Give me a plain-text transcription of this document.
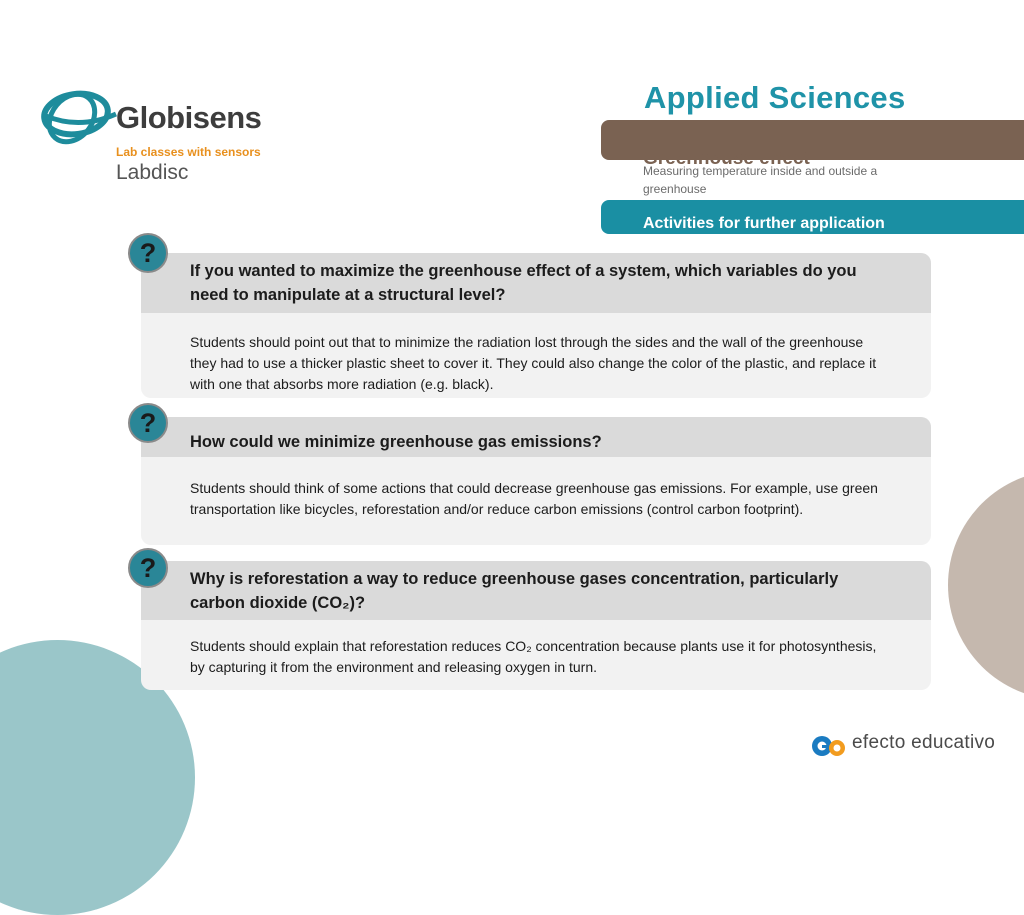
Globisens
Lab classes with sensors
Labdisc
Applied Sciences
Greenhouse effect
Measuring temperature inside and outside a greenhouse
Activities for further application
If you wanted to maximize the greenhouse effect of a system, which variables do you need to manipulate at a structural level?
Students should point out that to minimize the radiation lost through the sides and the wall of the greenhouse they had to use a thicker plastic sheet to cover it. They could also change the color of the plastic, and replace it with one that absorbs more radiation (e.g. black).
?
How could we minimize greenhouse gas emissions?
Students should think of some actions that could decrease greenhouse gas emissions. For example, use green transportation like bicycles, reforestation and/or reduce carbon emissions (control carbon footprint).
?
Why is reforestation a way to reduce greenhouse gases concentration, particularly carbon dioxide (CO₂)?
Students should explain that reforestation reduces CO₂ concentration because plants use it for photosynthesis, by capturing it from the environment and releasing oxygen in turn.
?
efecto educativo
